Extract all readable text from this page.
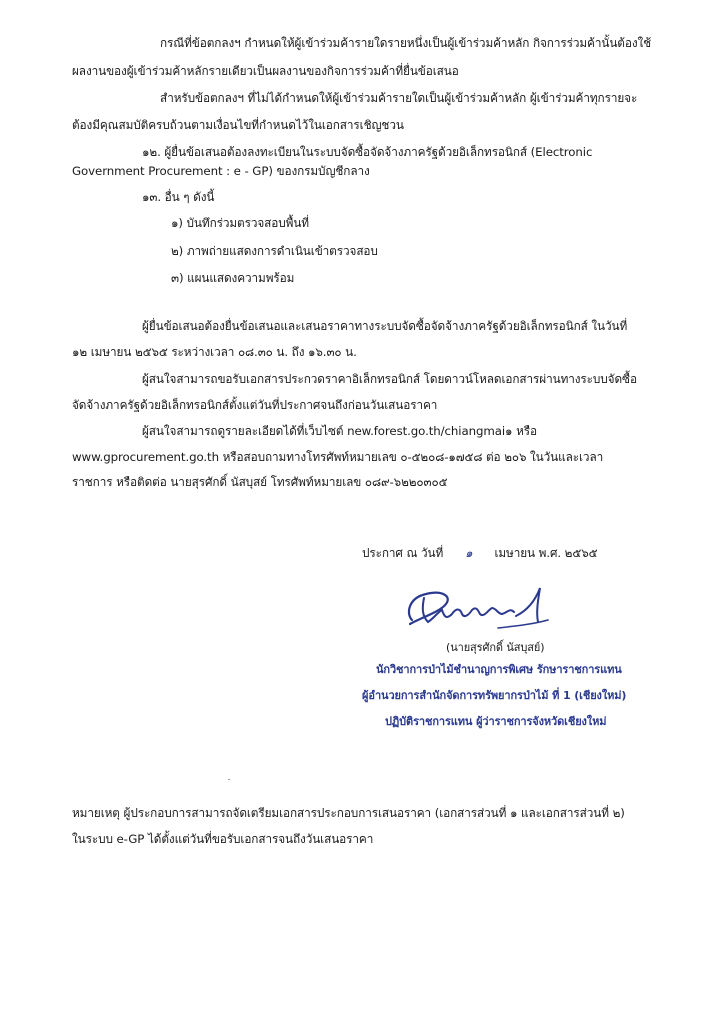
กรณีที่ข้อตกลงฯ กำหนดให้ผู้เข้าร่วมค้ารายใดรายหนึ่งเป็นผู้เข้าร่วมค้าหลัก กิจการร่วมค้านั้นต้องใช้
ผลงานของผู้เข้าร่วมค้าหลักรายเดียวเป็นผลงานของกิจการร่วมค้าที่ยื่นข้อเสนอ
สำหรับข้อตกลงฯ ที่ไม่ได้กำหนดให้ผู้เข้าร่วมค้ารายใดเป็นผู้เข้าร่วมค้าหลัก ผู้เข้าร่วมค้าทุกรายจะ
ต้องมีคุณสมบัติครบถ้วนตามเงื่อนไขที่กำหนดไว้ในเอกสารเชิญชวน
๑๒. ผู้ยื่นข้อเสนอต้องลงทะเบียนในระบบจัดซื้อจัดจ้างภาครัฐด้วยอิเล็กทรอนิกส์ (Electronic
Government Procurement : e - GP) ของกรมบัญชีกลาง
๑๓. อื่น ๆ ดังนี้
๑) บันทึกร่วมตรวจสอบพื้นที่
๒) ภาพถ่ายแสดงการดำเนินเข้าตรวจสอบ
๓) แผนแสดงความพร้อม
ผู้ยื่นข้อเสนอต้องยื่นข้อเสนอและเสนอราคาทางระบบจัดซื้อจัดจ้างภาครัฐด้วยอิเล็กทรอนิกส์ ในวันที่
๑๒ เมษายน ๒๕๖๕ ระหว่างเวลา ๐๘.๓๐ น. ถึง ๑๖.๓๐ น.
ผู้สนใจสามารถขอรับเอกสารประกวดราคาอิเล็กทรอนิกส์ โดยดาวน์โหลดเอกสารผ่านทางระบบจัดซื้อ
จัดจ้างภาครัฐด้วยอิเล็กทรอนิกส์ตั้งแต่วันที่ประกาศจนถึงก่อนวันเสนอราคา
ผู้สนใจสามารถดูรายละเอียดได้ที่เว็บไซต์ new.forest.go.th/chiangmai๑ หรือ
www.gprocurement.go.th หรือสอบถามทางโทรศัพท์หมายเลข ๐-๕๒๐๘-๑๗๕๘ ต่อ ๒๐๖ ในวันและเวลา
ราชการ หรือติดต่อ นายสุรศักดิ์ นัสบุสย์ โทรศัพท์หมายเลข ๐๘๙-๖๒๒๐๓๐๕
ประกาศ ณ วันที่ ๑ เมษายน พ.ศ. ๒๕๖๕
(นายสุรศักดิ์ นัสบุสย์)
นักวิชาการป่าไม้ชำนาญการพิเศษ รักษาราชการแทน
ผู้อำนวยการสำนักจัดการทรัพยากรป่าไม้ ที่ 1 (เชียงใหม่)
ปฏิบัติราชการแทน ผู้ว่าราชการจังหวัดเชียงใหม่
หมายเหตุ ผู้ประกอบการสามารถจัดเตรียมเอกสารประกอบการเสนอราคา (เอกสารส่วนที่ ๑ และเอกสารส่วนที่ ๒)
ในระบบ e-GP ได้ตั้งแต่วันที่ขอรับเอกสารจนถึงวันเสนอราคา
